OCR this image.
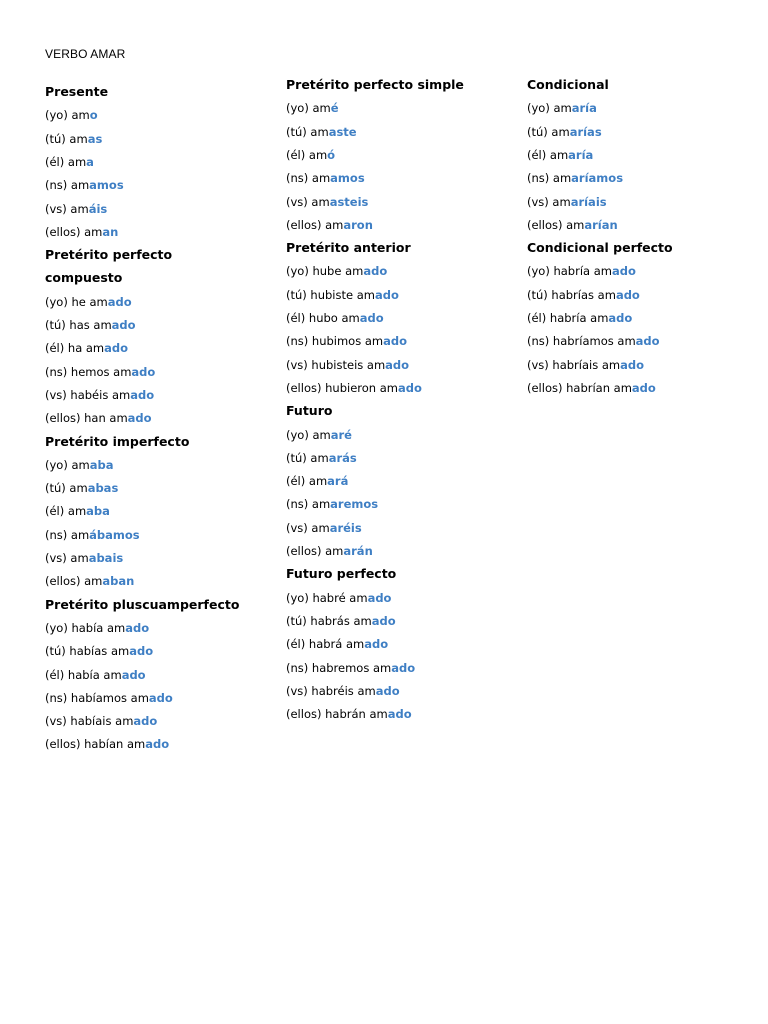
VERBO AMAR
Presente
(yo) amo
(tú) amas
(él) ama
(ns) amamos
(vs) amáis
(ellos) aman
Pretérito perfecto
compuesto
(yo) he amado
(tú) has amado
(él) ha amado
(ns) hemos amado
(vs) habéis amado
(ellos) han amado
Pretérito imperfecto
(yo) amaba
(tú) amabas
(él) amaba
(ns) amábamos
(vs) amabais
(ellos) amaban
Pretérito pluscuamperfecto
(yo) había amado
(tú) habías amado
(él) había amado
(ns) habíamos amado
(vs) habíais amado
(ellos) habían amado
Pretérito perfecto simple
(yo) amé
(tú) amaste
(él) amó
(ns) amamos
(vs) amasteis
(ellos) amaron
Pretérito anterior
(yo) hube amado
(tú) hubiste amado
(él) hubo amado
(ns) hubimos amado
(vs) hubisteis amado
(ellos) hubieron amado
Futuro
(yo) amaré
(tú) amarás
(él) amará
(ns) amaremos
(vs) amaréis
(ellos) amarán
Futuro perfecto
(yo) habré amado
(tú) habrás amado
(él) habrá amado
(ns) habremos amado
(vs) habréis amado
(ellos) habrán amado
Condicional
(yo) amaría
(tú) amarías
(él) amaría
(ns) amaríamos
(vs) amaríais
(ellos) amarían
Condicional perfecto
(yo) habría amado
(tú) habrías amado
(él) habría amado
(ns) habríamos amado
(vs) habríais amado
(ellos) habrían amado
